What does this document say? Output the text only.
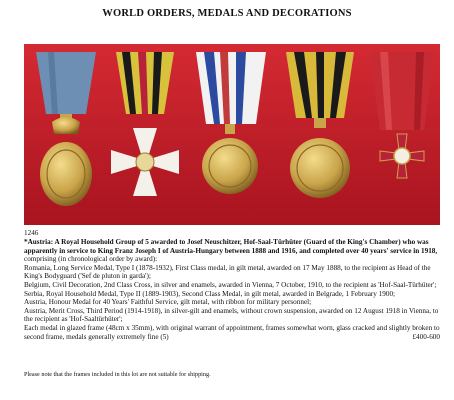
WORLD ORDERS, MEDALS AND DECORATIONS
1246

*Austria: A Royal Household Group of 5 awarded to Josef Neuschitzer, Hof-Saal-Türhüter (Guard of the King's Chamber) who was apparently in service to King Franz Joseph I of Austria-Hungary between 1888 and 1916, and completed over 40 years' service in 1918, comprising (in chronological order by award):

Romania, Long Service Medal, Type I (1878-1932), First Class medal, in gilt metal, awarded on 17 May 1888, to the recipient as Head of the King's Bodyguard ('Sef de pluton in garda');

Belgium, Civil Decoration, 2nd Class Cross, in silver and enamels, awarded in Vienna, 7 October, 1910, to the recipient as 'Hof-Saal-Türhüter';

Serbia, Royal Household Medal, Type II (1889-1903), Second Class Medal, in gilt metal, awarded in Belgrade, 1 February 1900;

Austria, Honour Medal for 40 Years' Faithful Service, gilt metal, with ribbon for military personnel;

Austria, Merit Cross, Third Period (1914-1918), in silver-gilt and enamels, without crown suspension, awarded on 12 August 1918 in Vienna, to the recipient as 'Hof-Saaltürhüter';

Each medal in glazed frame (48cm x 35mm), with original warrant of appointment, frames somewhat worn, glass cracked and slightly broken to second frame, medals generally extremely fine (5)	£400-600

Please note that the frames included in this lot are not suitable for shipping.
